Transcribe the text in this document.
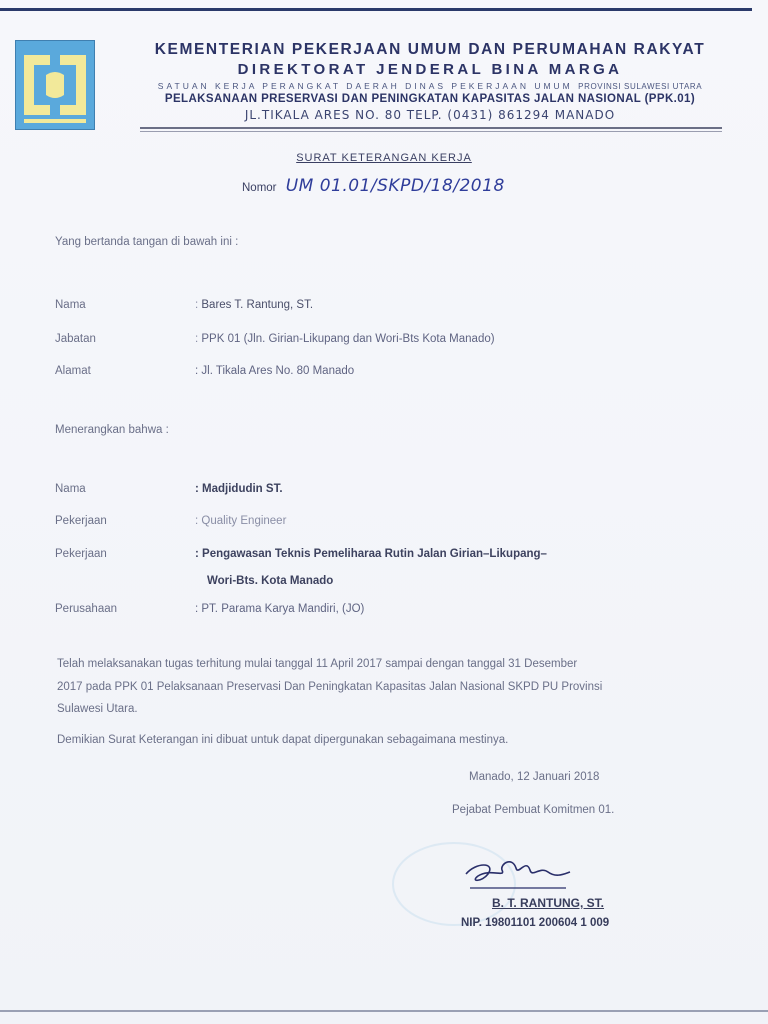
KEMENTERIAN PEKERJAAN UMUM DAN PERUMAHAN RAKYAT

DIREKTORAT JENDERAL BINA MARGA

SATUAN KERJA PERANGKAT DAERAH DINAS PEKERJAAN UMUM PROVINSI SULAWESI UTARA

PELAKSANAAN PRESERVASI DAN PENINGKATAN KAPASITAS JALAN NASIONAL (PPK.01)

JL.TIKALA ARES NO. 80 TELP. (0431) 861294 MANADO

SURAT KETERANGAN KERJA

Nomor UM 01.01/SKPD/18/2018
Yang bertanda tangan di bawah ini :
Nama	: Bares T. Rantung, ST.
Jabatan	: PPK 01 (Jln. Girian-Likupang dan Wori-Bts Kota Manado)
Alamat	: Jl. Tikala Ares No. 80 Manado
Menerangkan bahwa :
Nama	: Madjidudin ST.
Pekerjaan	: Quality Engineer
Pekerjaan	: Pengawasan Teknis Pemeliharaa Rutin Jalan Girian–Likupang–
Wori-Bts. Kota Manado
Perusahaan	: PT. Parama Karya Mandiri, (JO)

Telah melaksanakan tugas terhitung mulai tanggal 11 April 2017 sampai dengan tanggal 31 Desember
2017 pada PPK 01 Pelaksanaan Preservasi Dan Peningkatan Kapasitas Jalan Nasional SKPD PU Provinsi
Sulawesi Utara.

Demikian Surat Keterangan ini dibuat untuk dapat dipergunakan sebagaimana mestinya.
Manado, 12 Januari 2018
Pejabat Pembuat Komitmen 01.
B. T. RANTUNG, ST.
NIP. 19801101 200604 1 009
